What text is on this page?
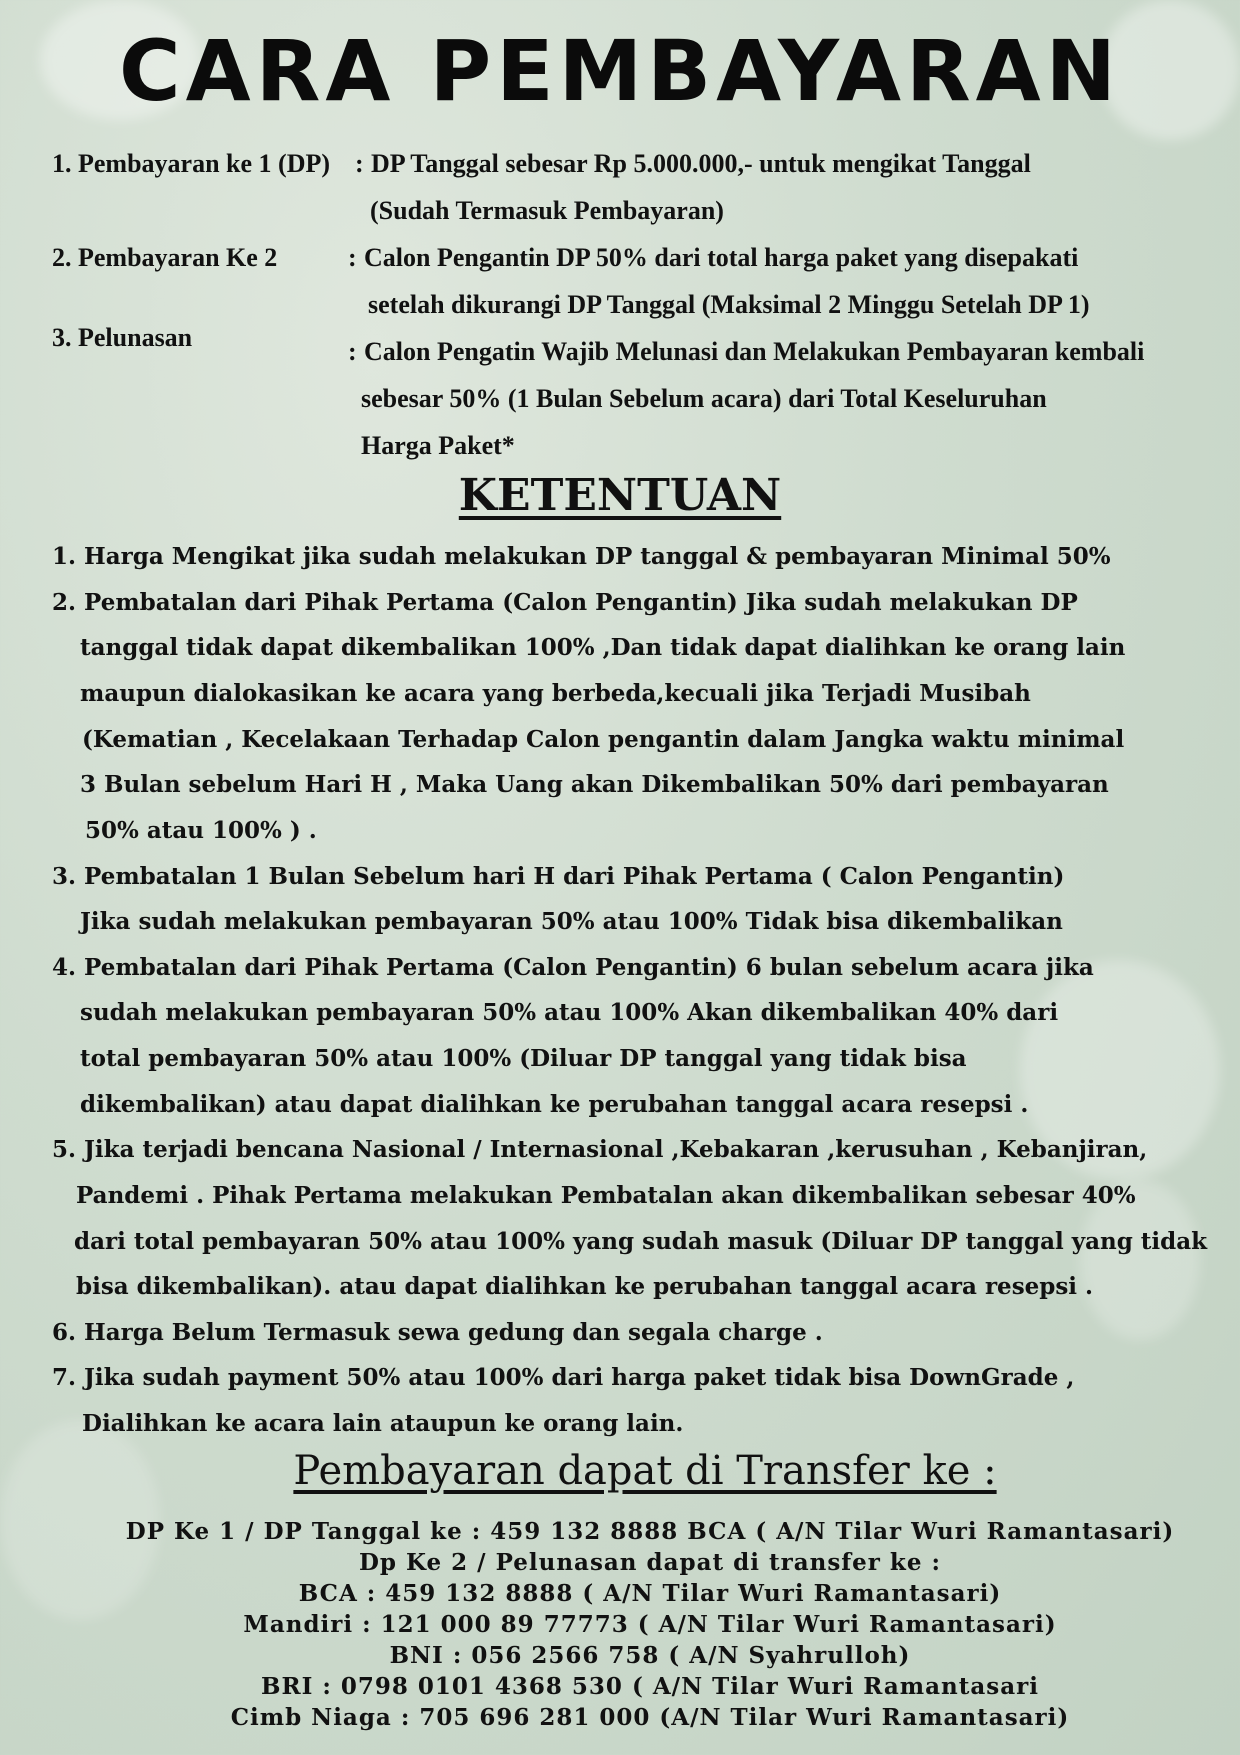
CARA PEMBAYARAN
1. Pembayaran ke 1 (DP) : DP Tanggal sebesar Rp 5.000.000,- untuk mengikat Tanggal
(Sudah Termasuk Pembayaran)
2. Pembayaran Ke 2	: Calon Pengantin DP 50% dari total harga paket yang disepakati
setelah dikurangi DP Tanggal (Maksimal 2 Minggu Setelah DP 1)
3. Pelunasan	: Calon Pengatin Wajib Melunasi dan Melakukan Pembayaran kembali
sebesar 50% (1 Bulan Sebelum acara) dari Total Keseluruhan
Harga Paket*
KETENTUAN
1. Harga Mengikat jika sudah melakukan DP tanggal & pembayaran Minimal 50%
2. Pembatalan dari Pihak Pertama (Calon Pengantin) Jika sudah melakukan DP
tanggal tidak dapat dikembalikan 100% ,Dan tidak dapat dialihkan ke orang lain
maupun dialokasikan ke acara yang berbeda,kecuali jika Terjadi Musibah
(Kematian , Kecelakaan Terhadap Calon pengantin dalam Jangka waktu minimal
3 Bulan sebelum Hari H , Maka Uang akan Dikembalikan 50% dari pembayaran
50% atau 100% ) .
3. Pembatalan 1 Bulan Sebelum hari H dari Pihak Pertama ( Calon Pengantin)
Jika sudah melakukan pembayaran 50% atau 100% Tidak bisa dikembalikan
4. Pembatalan dari Pihak Pertama (Calon Pengantin) 6 bulan sebelum acara jika
sudah melakukan pembayaran 50% atau 100% Akan dikembalikan 40% dari
total pembayaran 50% atau 100% (Diluar DP tanggal yang tidak bisa
dikembalikan) atau dapat dialihkan ke perubahan tanggal acara resepsi .
5. Jika terjadi bencana Nasional / Internasional ,Kebakaran ,kerusuhan , Kebanjiran,
Pandemi . Pihak Pertama melakukan Pembatalan akan dikembalikan sebesar 40%
dari total pembayaran 50% atau 100% yang sudah masuk (Diluar DP tanggal yang tidak
bisa dikembalikan). atau dapat dialihkan ke perubahan tanggal acara resepsi .
6. Harga Belum Termasuk sewa gedung dan segala charge .
7. Jika sudah payment 50% atau 100% dari harga paket tidak bisa DownGrade ,
Dialihkan ke acara lain ataupun ke orang lain.
Pembayaran dapat di Transfer ke :
DP Ke 1 / DP Tanggal ke : 459 132 8888 BCA ( A/N Tilar Wuri Ramantasari)
Dp Ke 2 / Pelunasan dapat di transfer ke :
BCA : 459 132 8888 ( A/N Tilar Wuri Ramantasari)
Mandiri : 121 000 89 77773 ( A/N Tilar Wuri Ramantasari)
BNI : 056 2566 758 ( A/N Syahrulloh)
BRI : 0798 0101 4368 530 ( A/N Tilar Wuri Ramantasari
Cimb Niaga : 705 696 281 000 (A/N Tilar Wuri Ramantasari)
